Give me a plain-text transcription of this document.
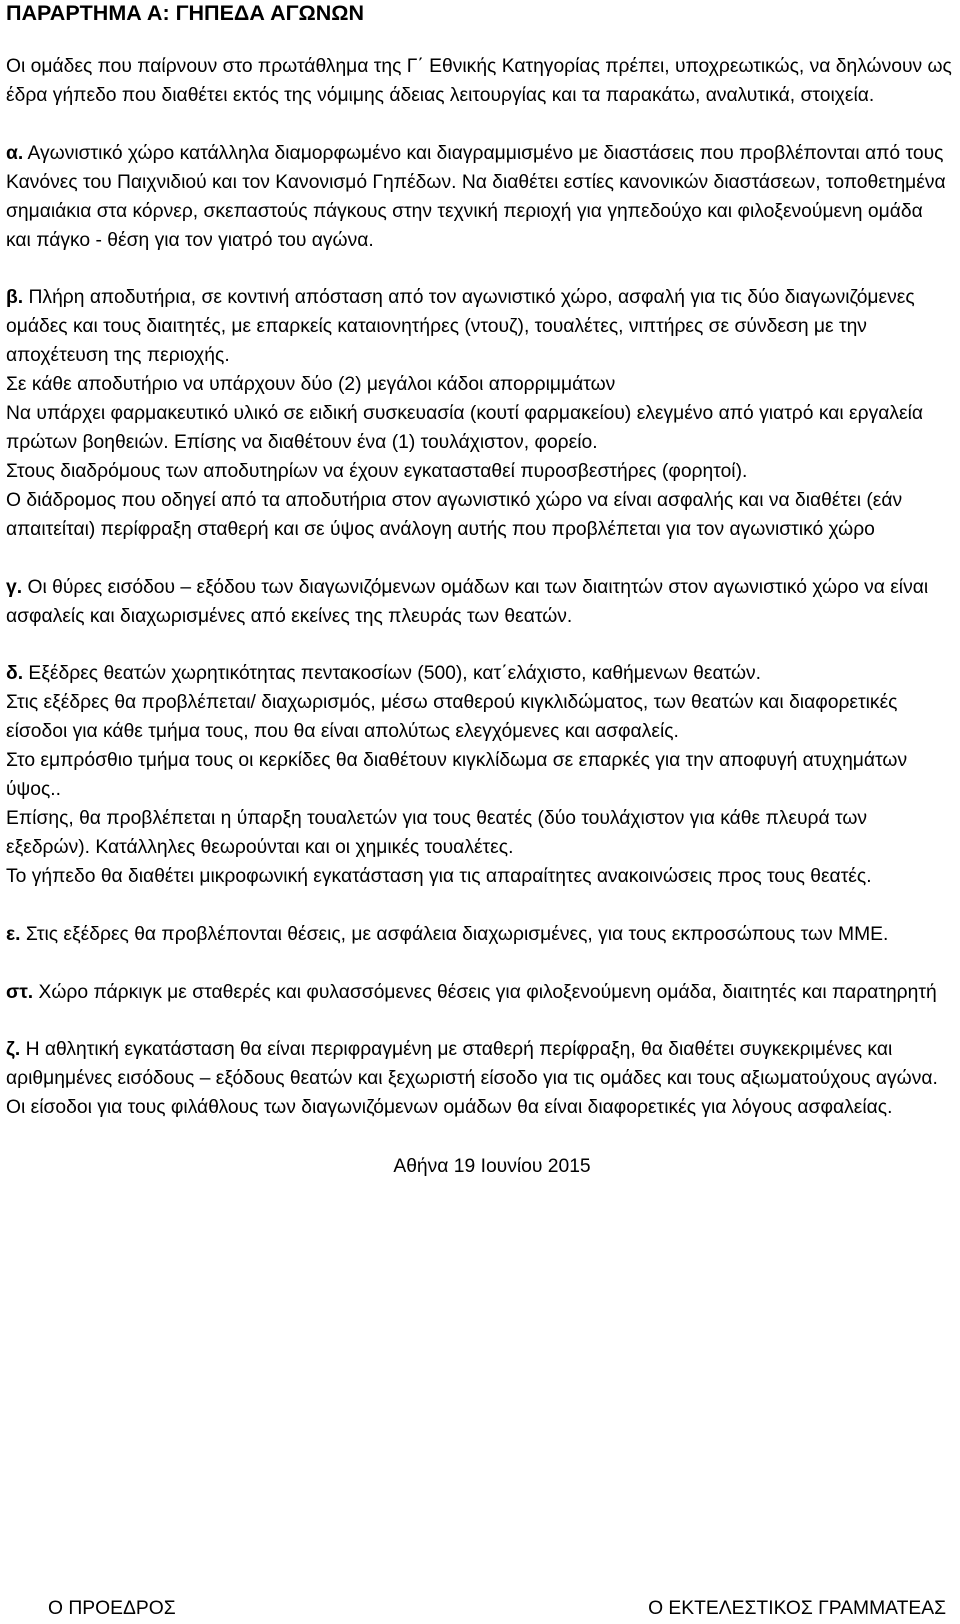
ΠΑΡΑΡΤΗΜΑ Α: ΓΗΠΕΔΑ ΑΓΩΝΩΝ

Οι ομάδες που παίρνουν στο πρωτάθλημα της Γ΄ Εθνικής Κατηγορίας πρέπει, υποχρεωτικώς, να δηλώνουν ως έδρα γήπεδο που διαθέτει εκτός της νόμιμης άδειας λειτουργίας και τα παρακάτω, αναλυτικά, στοιχεία.

α. Αγωνιστικό χώρο κατάλληλα διαμορφωμένο και διαγραμμισμένο με διαστάσεις που προβλέπονται από τους Κανόνες του Παιχνιδιού και τον Κανονισμό Γηπέδων. Να διαθέτει εστίες κανονικών διαστάσεων, τοποθετημένα σημαιάκια στα κόρνερ, σκεπαστούς πάγκους στην τεχνική περιοχή για γηπεδούχο και φιλοξενούμενη ομάδα και πάγκο - θέση για τον γιατρό του αγώνα.

β. Πλήρη αποδυτήρια, σε κοντινή απόσταση από τον αγωνιστικό χώρο, ασφαλή για τις δύο διαγωνιζόμενες ομάδες και τους διαιτητές, με επαρκείς καταιονητήρες (ντουζ), τουαλέτες, νιπτήρες σε σύνδεση με την αποχέτευση της περιοχής.

Σε κάθε αποδυτήριο να υπάρχουν δύο (2) μεγάλοι κάδοι απορριμμάτων

Να υπάρχει φαρμακευτικό υλικό σε ειδική συσκευασία (κουτί φαρμακείου) ελεγμένο από γιατρό και εργαλεία πρώτων βοηθειών. Επίσης να διαθέτουν ένα (1) τουλάχιστον, φορείο.

Στους διαδρόμους των αποδυτηρίων να έχουν εγκατασταθεί πυροσβεστήρες (φορητοί).

Ο διάδρομος που οδηγεί από τα αποδυτήρια στον αγωνιστικό χώρο να είναι ασφαλής και να διαθέτει (εάν απαιτείται) περίφραξη σταθερή και σε ύψος ανάλογη αυτής που προβλέπεται για τον αγωνιστικό χώρο

γ. Οι θύρες εισόδου – εξόδου των διαγωνιζόμενων ομάδων και των διαιτητών στον αγωνιστικό χώρο να είναι ασφαλείς και διαχωρισμένες από εκείνες της πλευράς των θεατών.

δ. Εξέδρες θεατών χωρητικότητας πεντακοσίων (500), κατ΄ελάχιστο, καθήμενων θεατών.

Στις εξέδρες θα προβλέπεται/ διαχωρισμός, μέσω σταθερού κιγκλιδώματος, των θεατών και διαφορετικές είσοδοι για κάθε τμήμα τους, που θα είναι απολύτως ελεγχόμενες και ασφαλείς.

Στο εμπρόσθιο τμήμα τους οι κερκίδες θα διαθέτουν κιγκλίδωμα σε επαρκές για την αποφυγή ατυχημάτων ύψος..

Επίσης, θα προβλέπεται η ύπαρξη τουαλετών για τους θεατές (δύο τουλάχιστον για κάθε πλευρά των εξεδρών). Κατάλληλες θεωρούνται και οι χημικές τουαλέτες.

Το γήπεδο θα διαθέτει μικροφωνική εγκατάσταση για τις απαραίτητες ανακοινώσεις προς τους θεατές.

ε. Στις εξέδρες θα προβλέπονται θέσεις, με ασφάλεια διαχωρισμένες, για τους εκπροσώπους των ΜΜΕ.

στ. Χώρο πάρκιγκ με σταθερές και φυλασσόμενες θέσεις για φιλοξενούμενη ομάδα, διαιτητές και παρατηρητή

ζ. Η αθλητική εγκατάσταση θα είναι περιφραγμένη με σταθερή περίφραξη, θα διαθέτει συγκεκριμένες και αριθμημένες εισόδους – εξόδους θεατών και ξεχωριστή είσοδο για τις ομάδες και τους αξιωματούχους αγώνα. Οι είσοδοι για τους φιλάθλους των διαγωνιζόμενων ομάδων θα είναι διαφορετικές για λόγους ασφαλείας.

Αθήνα 19 Ιουνίου 2015

Ο ΠΡΟΕΔΡΟΣ	Ο ΕΚΤΕΛΕΣΤΙΚΟΣ ΓΡΑΜΜΑΤΕΑΣ
